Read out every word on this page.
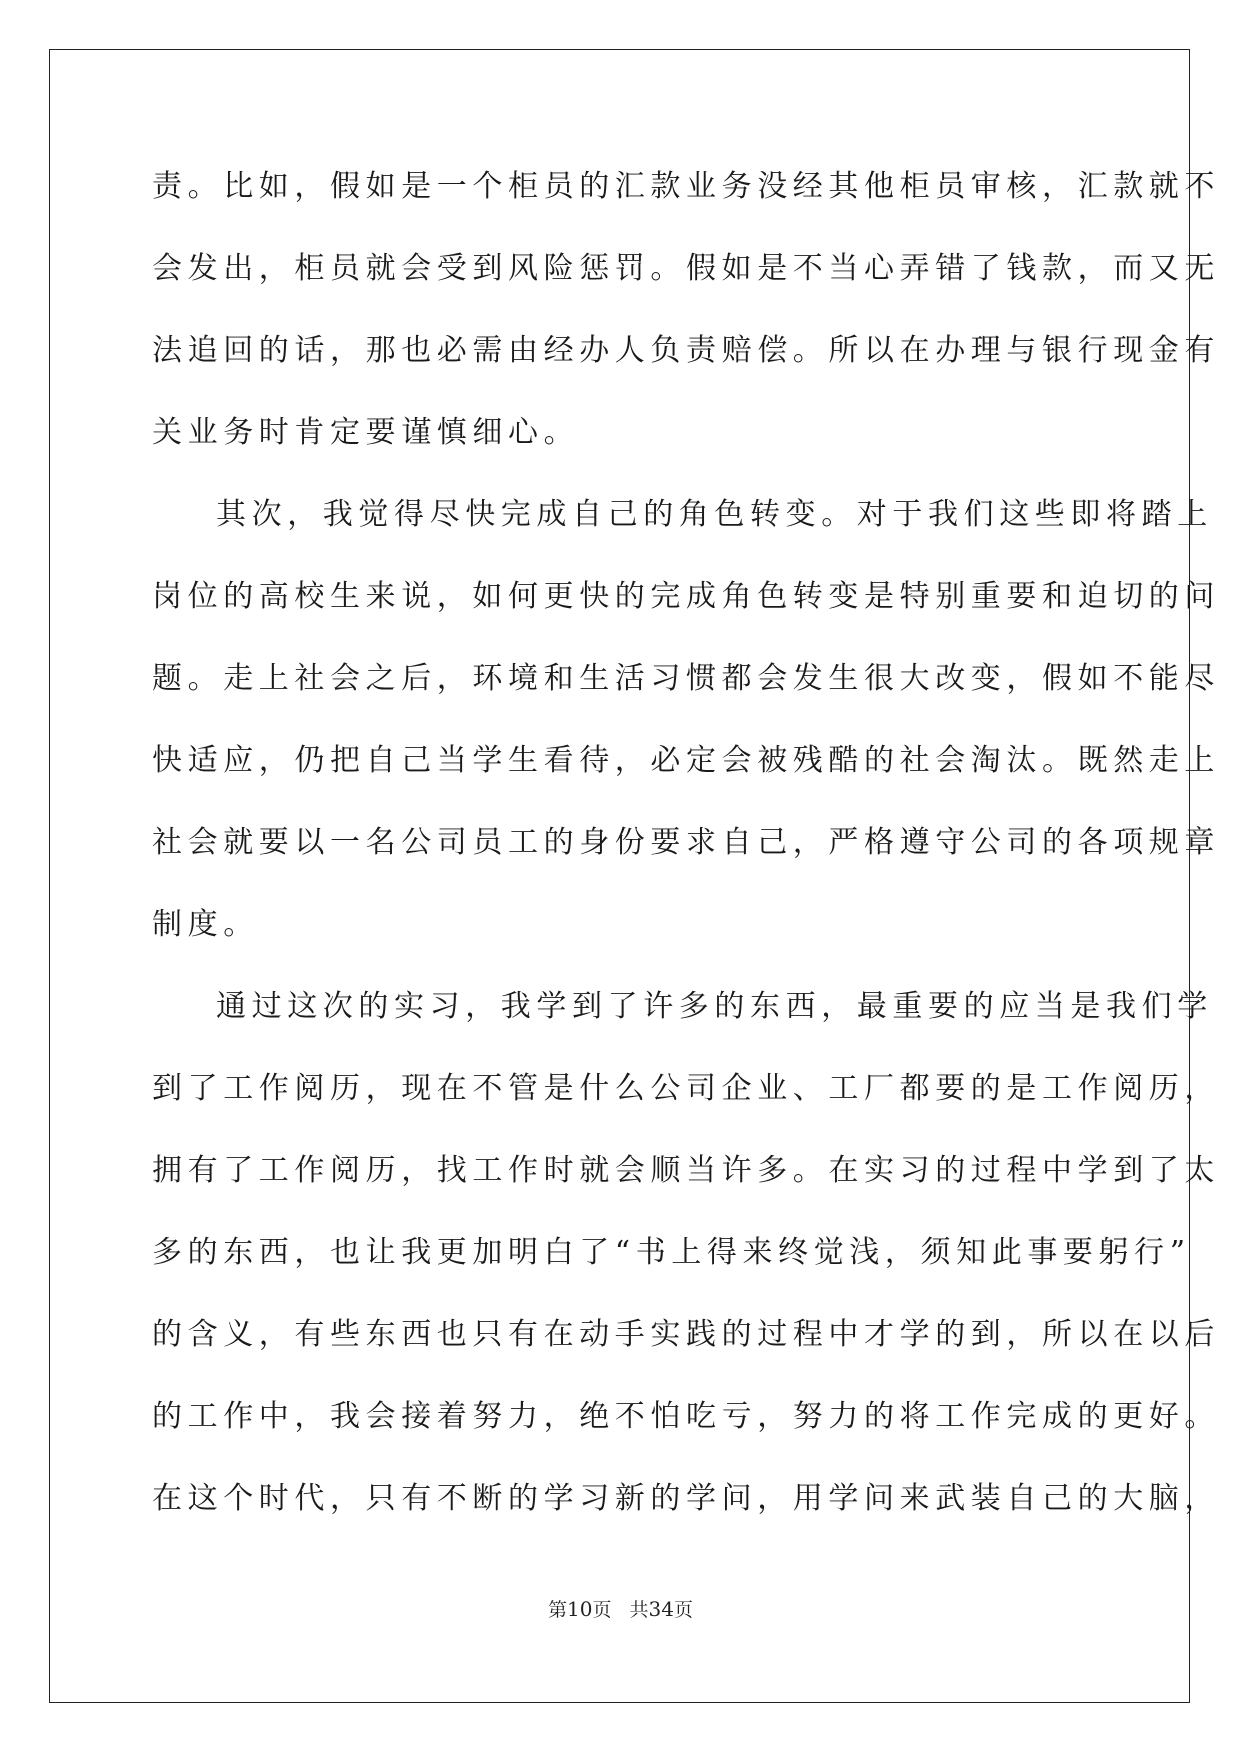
责。比如，假如是一个柜员的汇款业务没经其他柜员审核，汇款就不
会发出，柜员就会受到风险惩罚。假如是不当心弄错了钱款，而又无
法追回的话，那也必需由经办人负责赔偿。所以在办理与银行现金有
关业务时肯定要谨慎细心。
其次，我觉得尽快完成自己的角色转变。对于我们这些即将踏上
岗位的高校生来说，如何更快的完成角色转变是特别重要和迫切的问
题。走上社会之后，环境和生活习惯都会发生很大改变，假如不能尽
快适应，仍把自己当学生看待，必定会被残酷的社会淘汰。既然走上
社会就要以一名公司员工的身份要求自己，严格遵守公司的各项规章
制度。
通过这次的实习，我学到了许多的东西，最重要的应当是我们学
到了工作阅历，现在不管是什么公司企业、工厂都要的是工作阅历，
拥有了工作阅历，找工作时就会顺当许多。在实习的过程中学到了太
多的东西，也让我更加明白了“书上得来终觉浅，须知此事要躬行”
的含义，有些东西也只有在动手实践的过程中才学的到，所以在以后
的工作中，我会接着努力，绝不怕吃亏，努力的将工作完成的更好。
在这个时代，只有不断的学习新的学问，用学问来武装自己的大脑，
第10页 共34页
